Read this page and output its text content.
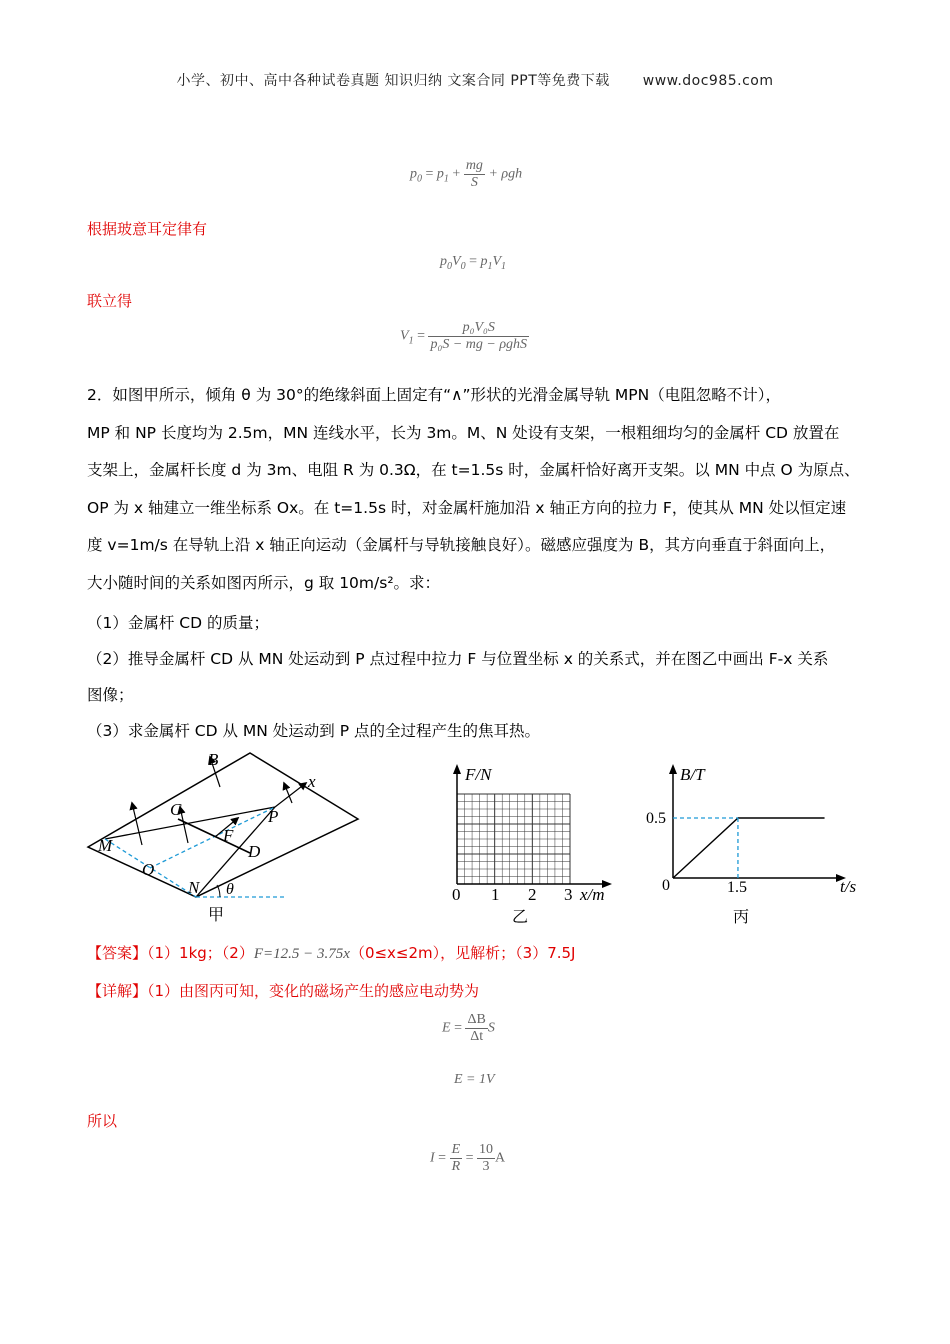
小学、初中、高中各种试卷真题 知识归纳 文案合同 PPT等免费下载 www.doc985.com
$p_0 = p_1 + \frac{mg}{S} + \rho gh$
根据玻意耳定律有
$p_0V_0 = p_1V_1$
联立得
$V_1 = \frac{\text{p₀V₀S}}{\text{p₀S − mg − ρghS}}$
2．如图甲所示，倾角 θ 为 30°的绝缘斜面上固定有“∧”形状的光滑金属导轨 MPN（电阻忽略不计），
MP 和 NP 长度均为 2.5m，MN 连线水平，长为 3m。M、N 处设有支架，一根粗细均匀的金属杆 CD 放置在
支架上，金属杆长度 d 为 3m、电阻 R 为 0.3Ω，在 t=1.5s 时，金属杆恰好离开支架。以 MN 中点 O 为原点、
OP 为 x 轴建立一维坐标系 Ox。在 t=1.5s 时，对金属杆施加沿 x 轴正方向的拉力 F，使其从 MN 处以恒定速
度 v=1m/s 在导轨上沿 x 轴正向运动（金属杆与导轨接触良好）。磁感应强度为 B，其方向垂直于斜面向上，
大小随时间的关系如图丙所示，g 取 10m/s²。求：
（1）金属杆 CD 的质量；
（2）推导金属杆 CD 从 MN 处运动到 P 点过程中拉力 F 与位置坐标 x 的关系式，并在图乙中画出 F-x 关系
图像；
（3）求金属杆 CD 从 MN 处运动到 P 点的全过程产生的焦耳热。
B
x
C	P
F
M	D
O
N θ
甲
F/N
0 1 2 3 x/m
乙
0.5
1.5
B/T
t/s
0
丙
【答案】（1）1kg；（2）F=12.5 − 3.75x（0≤x≤2m），见解析；（3）7.5J
【详解】（1）由图丙可知，变化的磁场产生的感应电动势为
$E = \frac{\Delta B}{\Delta t}$ S
E = 1V
所以
$I = \frac{E}{R} = \frac{10}{3}$ A
